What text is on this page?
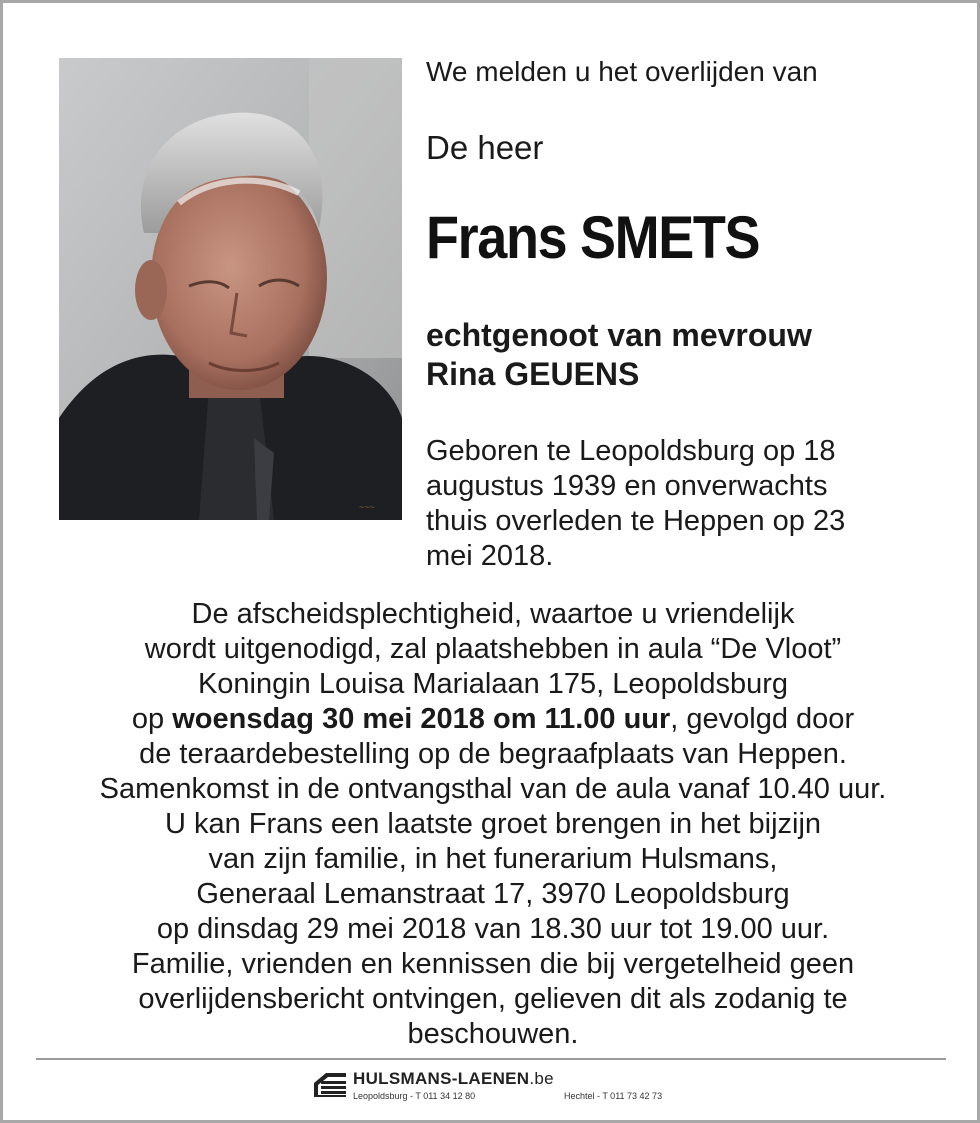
~~~
We melden u het overlijden van
De heer
Frans SMETS
echtgenoot van mevrouw
Rina GEUENS
Geboren te Leopoldsburg op 18
augustus 1939 en onverwachts
thuis overleden te Heppen op 23
mei 2018.
De afscheidsplechtigheid, waartoe u vriendelijk
wordt uitgenodigd, zal plaatshebben in aula “De Vloot”
Koningin Louisa Marialaan 175, Leopoldsburg
op woensdag 30 mei 2018 om 11.00 uur, gevolgd door
de teraardebestelling op de begraafplaats van Heppen.
Samenkomst in de ontvangsthal van de aula vanaf 10.40 uur.
U kan Frans een laatste groet brengen in het bijzijn
van zijn familie, in het funerarium Hulsmans,
Generaal Lemanstraat 17, 3970 Leopoldsburg
op dinsdag 29 mei 2018 van 18.30 uur tot 19.00 uur.
Familie, vrienden en kennissen die bij vergetelheid geen
overlijdensbericht ontvingen, gelieven dit als zodanig te
beschouwen.
HULSMANS-LAENEN.be
Leopoldsburg - T 011 34 12 80	Hechtel - T 011 73 42 73
